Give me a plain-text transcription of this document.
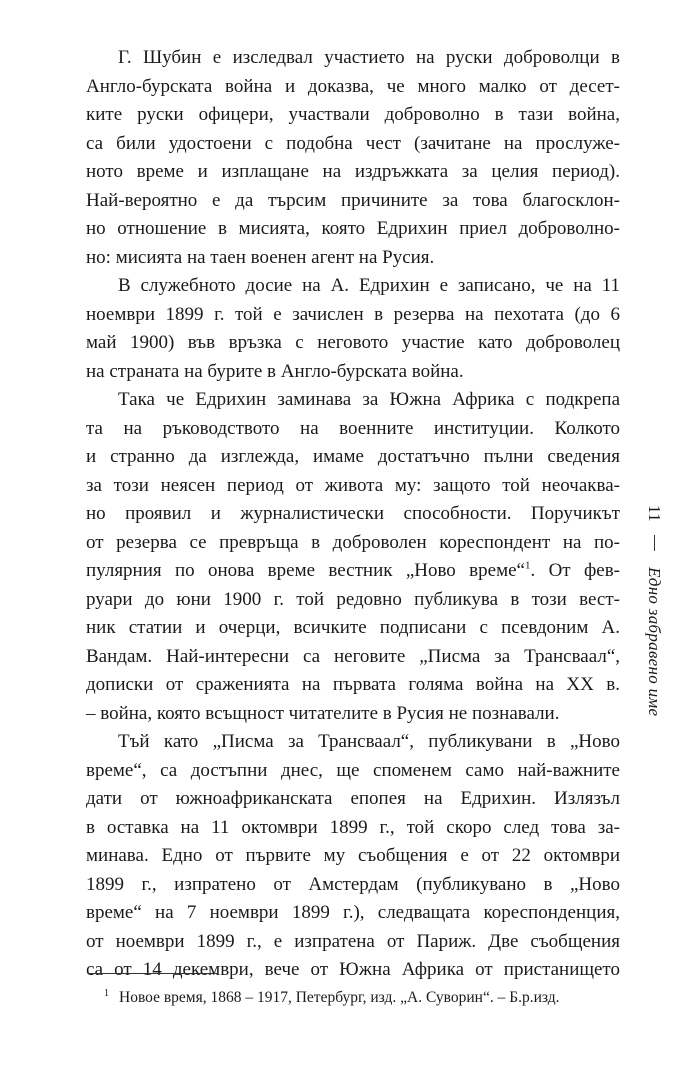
Г. Шубин е изследвал участието на руски доброволци в
Англо-бурската война и доказва, че много малко от десет-
ките руски офицери, участвали доброволно в тази война,
са били удостоени с подобна чест (зачитане на прослуже-
ното време и изплащане на издръжката за целия период).
Най-вероятно е да търсим причините за това благосклон-
но отношение в мисията, която Едрихин приел доброволно-
но: мисията на таен военен агент на Русия.
В служебното досие на А. Едрихин е записано, че на 11
ноември 1899 г. той е зачислен в резерва на пехотата (до 6
май 1900) във връзка с неговото участие като доброволец
на страната на бурите в Англо-бурската война.
Така че Едрихин заминава за Южна Африка с подкрепа
та на ръководството на военните институции. Колкото
и странно да изглежда, имаме достатъчно пълни сведения
за този неясен период от живота му: защото той неочаква-
но проявил и журналистически способности. Поручикът
от резерва се превръща в доброволен кореспондент на по-
пулярния по онова време вестник „Ново време“$^1$. От фев-
руари до юни 1900 г. той редовно публикува в този вест-
ник статии и очерци, всичките подписани с псевдоним А.
Вандам. Най-интересни са неговите „Писма за Трансваал“,
дописки от сраженията на първата голяма война на XX в.
– война, която всъщност читателите в Русия не познавали.
Тъй като „Писма за Трансваал“, публикувани в „Ново
време“, са достъпни днес, ще споменем само най-важните
дати от южноафриканската епопея на Едрихин. Излязъл
в оставка на 11 октомври 1899 г., той скоро след това за-
минава. Едно от първите му съобщения е от 22 октомври
1899 г., изпратено от Амстердам (публикувано в „Ново
време“ на 7 ноември 1899 г.), следващата кореспонденция,
от ноември 1899 г., е изпратена от Париж. Две съобщения
са от 14 декември, вече от Южна Африка от пристанището
$^1$ Новое время, 1868 – 1917, Петербург, изд. „А. Суворин“. – Б.р.изд.
11  Едно забравено име
